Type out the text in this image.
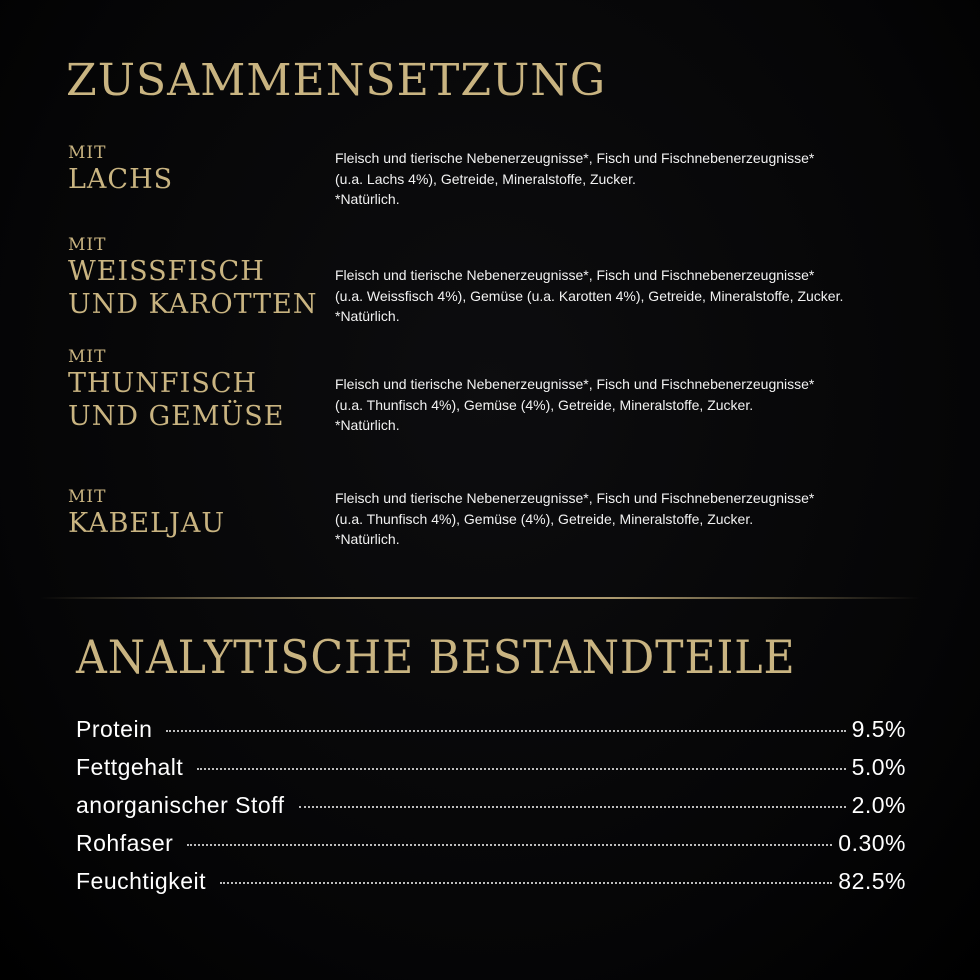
ZUSAMMENSETZUNG
MIT
LACHS
Fleisch und tierische Nebenerzeugnisse*, Fisch und Fischnebenerzeugnisse*
(u.a. Lachs 4%), Getreide, Mineralstoffe, Zucker.
*Natürlich.
MIT
WEISSFISCH
UND KAROTTEN
Fleisch und tierische Nebenerzeugnisse*, Fisch und Fischnebenerzeugnisse*
(u.a. Weissfisch 4%), Gemüse (u.a. Karotten 4%), Getreide, Mineralstoffe, Zucker.
*Natürlich.
MIT
THUNFISCH
UND GEMÜSE
Fleisch und tierische Nebenerzeugnisse*, Fisch und Fischnebenerzeugnisse*
(u.a. Thunfisch 4%), Gemüse (4%), Getreide, Mineralstoffe, Zucker.
*Natürlich.
MIT
KABELJAU
Fleisch und tierische Nebenerzeugnisse*, Fisch und Fischnebenerzeugnisse*
(u.a. Thunfisch 4%), Gemüse (4%), Getreide, Mineralstoffe, Zucker.
*Natürlich.
ANALYTISCHE BESTANDTEILE
Protein	9.5%
Fettgehalt	5.0%
anorganischer Stoff	2.0%
Rohfaser	0.30%
Feuchtigkeit	82.5%
